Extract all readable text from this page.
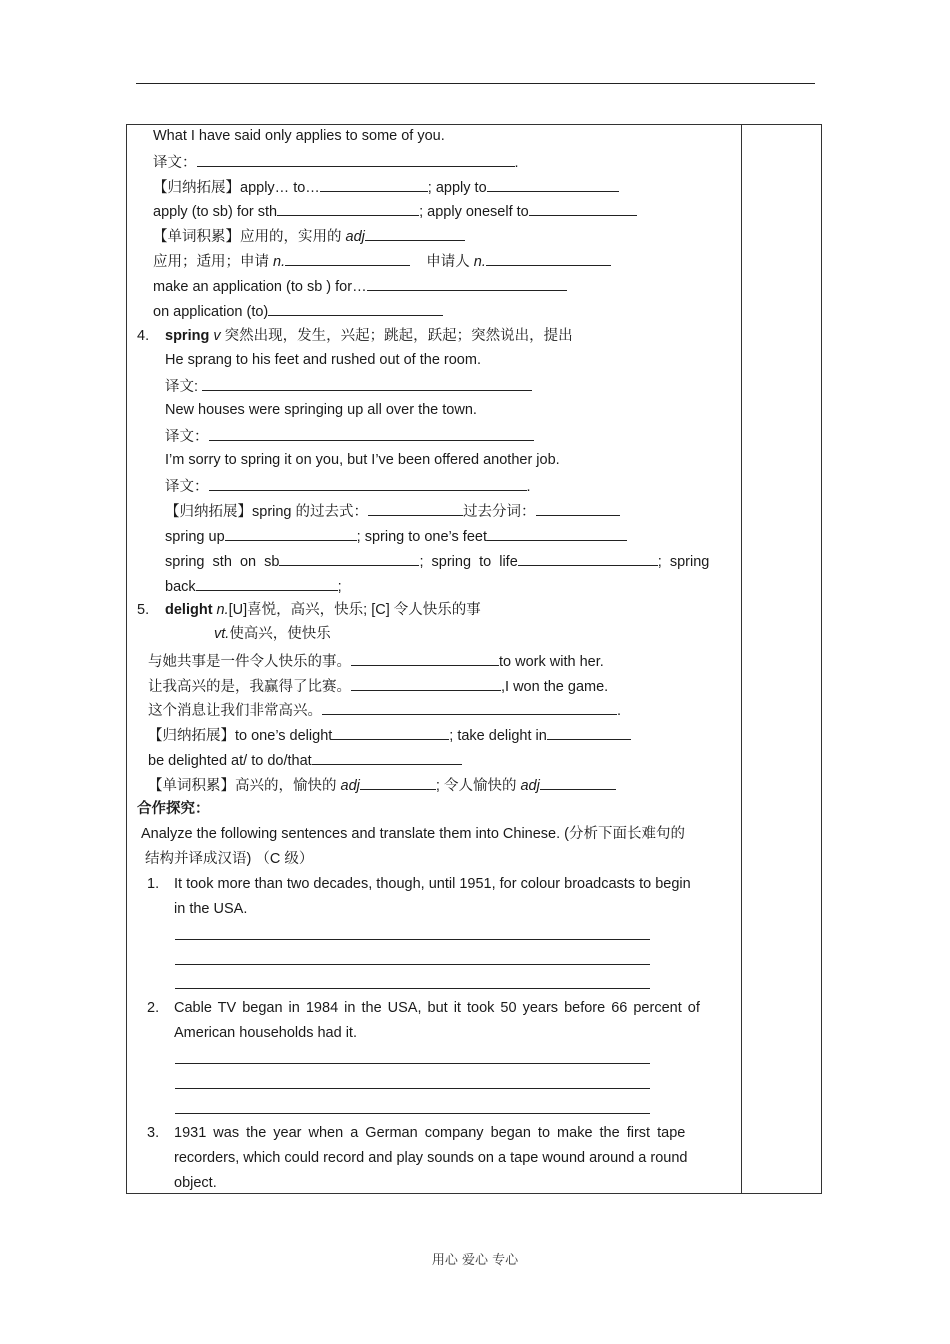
What I have said only applies to some of you.
译文：	.
【归纳拓展】apply… to…	; apply to
apply (to sb) for sth	; apply oneself to
【单词积累】应用的，实用的 adj
应用；适用；申请 n.	申请人 n.
make an application (to sb ) for…
on application (to)
4. spring v 突然出现，发生，兴起；跳起，跃起；突然说出，提出
He sprang to his feet and rushed out of the room.
译文:
New houses were springing up all over the town.
译文：
I’m sorry to spring it on you, but I’ve been offered another job.
译文：	.
【归纳拓展】spring 的过去式：	过去分词：
spring up	; spring to one’s feet
spring  sth  on  sb	;  spring  to  life	;  spring
back	;
5. delight n.[U]喜悦，高兴，快乐; [C] 令人快乐的事
vt.使高兴，使快乐
与她共事是一件令人快乐的事。	to work with her.
让我高兴的是，我赢得了比赛。	,I won the game.
这个消息让我们非常高兴。	.
【归纳拓展】to one’s delight	; take delight in
be delighted at/ to do/that
【单词积累】高兴的，愉快的 adj	; 令人愉快的 adj
合作探究：
Analyze the following sentences and translate them into Chinese. (分析下面长难句的
结构并译成汉语) （C 级）
1. It took more than two decades, though, until 1951, for colour broadcasts to begin
in the USA.
2. Cable TV began in 1984 in the USA, but it took 50 years before 66 percent of
American households had it.
3. 1931 was the year when a German company began to make the first tape
recorders, which could record and play sounds on a tape wound around a round
object.
用心 爱心 专心
